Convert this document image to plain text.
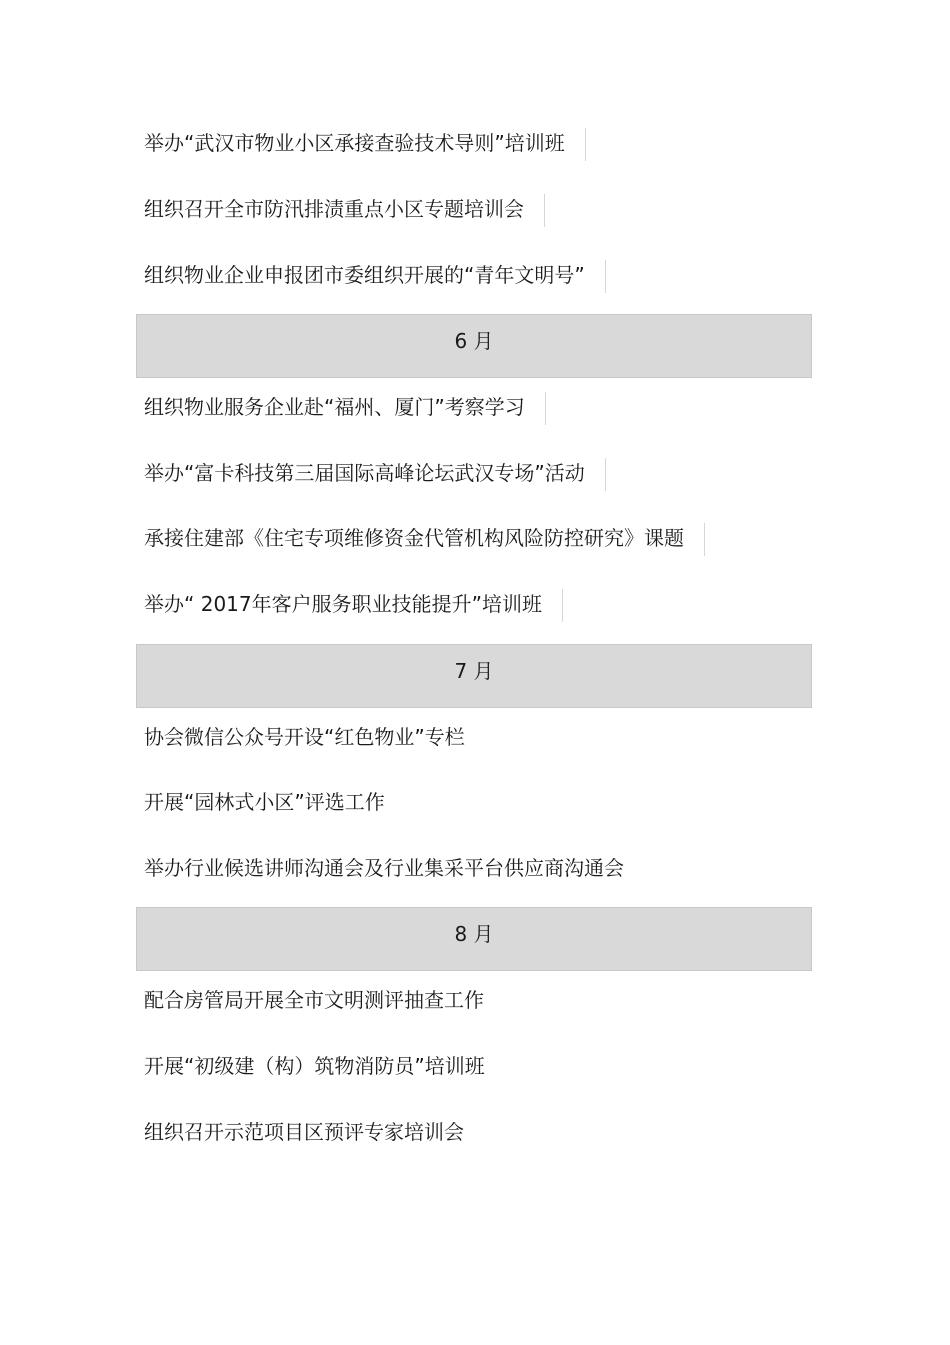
举办“武汉市物业小区承接查验技术导则”培训班
组织召开全市防汛排渍重点小区专题培训会
组织物业企业申报团市委组织开展的“青年文明号”
6 月
组织物业服务企业赴“福州、厦门”考察学习
举办“富卡科技第三届国际高峰论坛武汉专场”活动
承接住建部《住宅专项维修资金代管机构风险防控研究》课题
举办“ 2017年客户服务职业技能提升”培训班
7 月
协会微信公众号开设“红色物业”专栏
开展“园林式小区”评选工作
举办行业候选讲师沟通会及行业集采平台供应商沟通会
8 月
配合房管局开展全市文明测评抽查工作
开展“初级建（构）筑物消防员”培训班
组织召开示范项目区预评专家培训会
